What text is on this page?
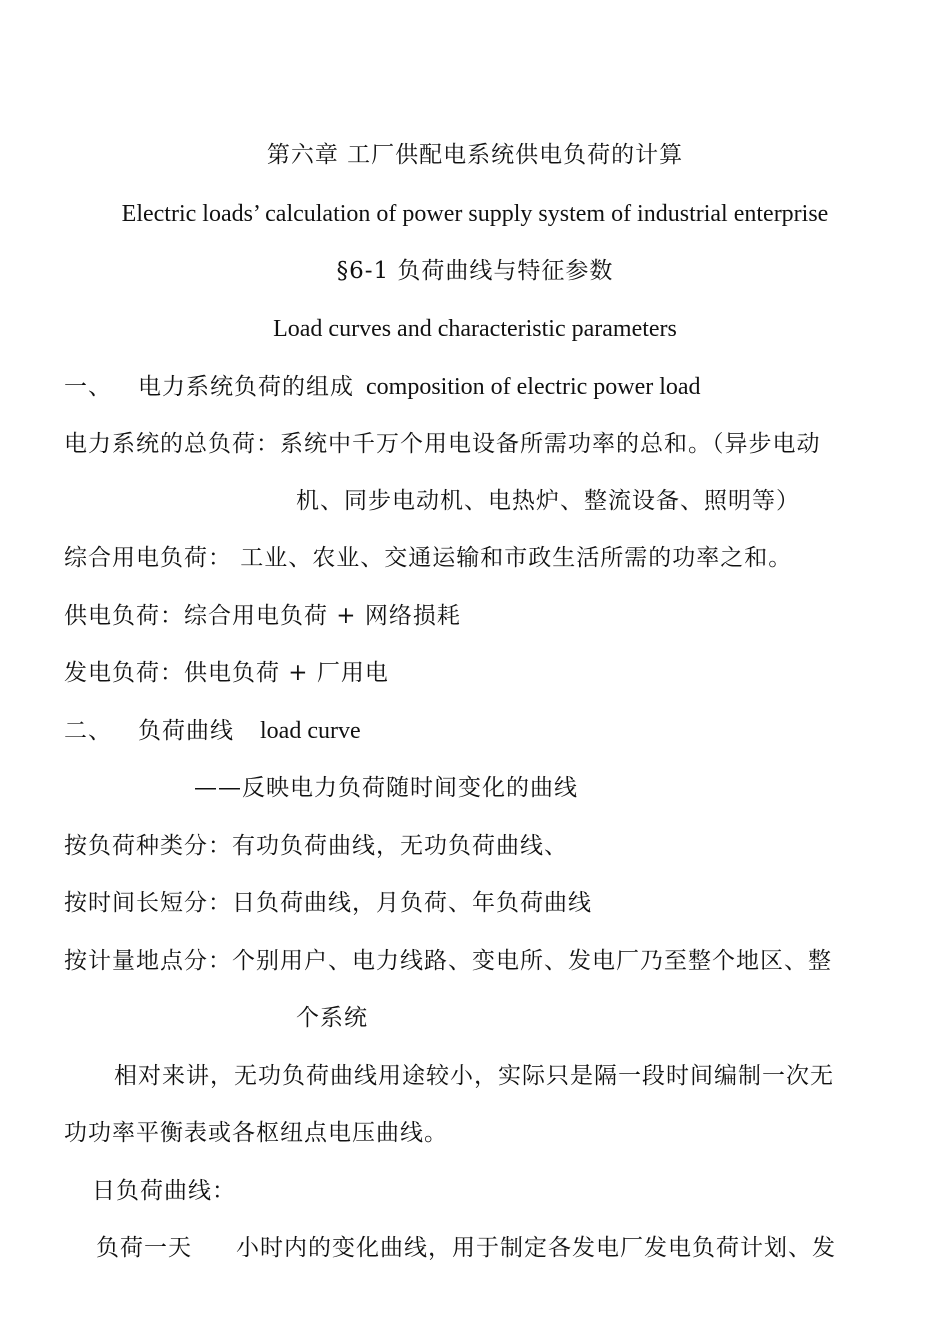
第六章 工厂供配电系统供电负荷的计算
Electric loads’ calculation of power supply system of industrial enterprise
§6-1 负荷曲线与特征参数
Load curves and characteristic parameters
一、 电力系统负荷的组成 composition of electric power load
电力系统的总负荷：系统中千万个用电设备所需功率的总和。（异步电动
机、同步电动机、电热炉、整流设备、照明等）
综合用电负荷： 工业、农业、交通运输和市政生活所需的功率之和。
供电负荷：综合用电负荷 + 网络损耗
发电负荷：供电负荷 + 厂用电
二、 负荷曲线 load curve
——反映电力负荷随时间变化的曲线
按负荷种类分：有功负荷曲线，无功负荷曲线、
按时间长短分：日负荷曲线，月负荷、年负荷曲线
按计量地点分：个别用户、电力线路、变电所、发电厂乃至整个地区、整
个系统
相对来讲，无功负荷曲线用途较小，实际只是隔一段时间编制一次无
功功率平衡表或各枢纽点电压曲线。
日负荷曲线：
负荷一天 小时内的变化曲线，用于制定各发电厂发电负荷计划、发
